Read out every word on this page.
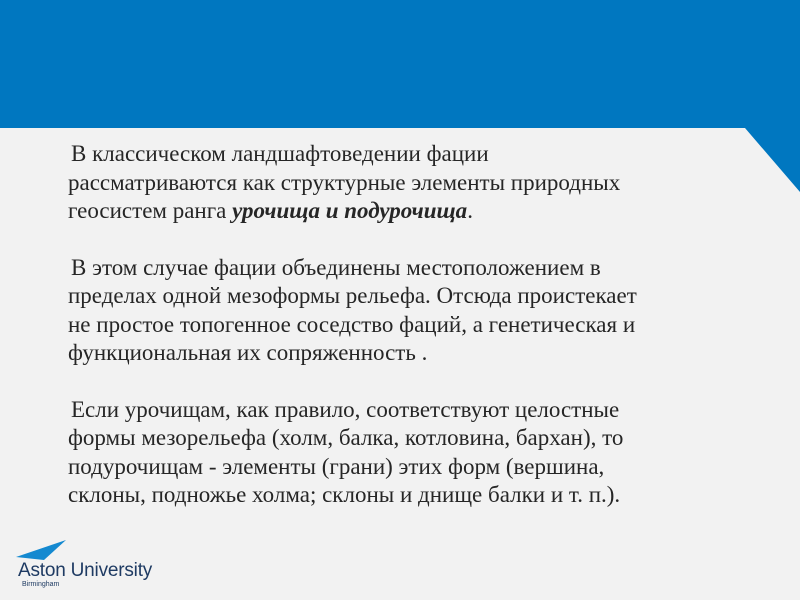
В классическом ландшафтоведении фации
рассматриваются как структурные элементы природных
геосистем ранга урочища и подурочища.
В этом случае фации объединены местоположением в
пределах одной мезоформы рельефа. Отсюда проистекает
не простое топогенное соседство фаций, а генетическая и
функциональная их сопряженность .
Если урочищам, как правило, соответствуют целостные
формы мезорельефа (холм, балка, котловина, бархан), то
подурочищам - элементы (грани) этих форм (вершина,
склоны, подножье холма; склоны и днище балки и т. п.).
Aston University
Birmingham
